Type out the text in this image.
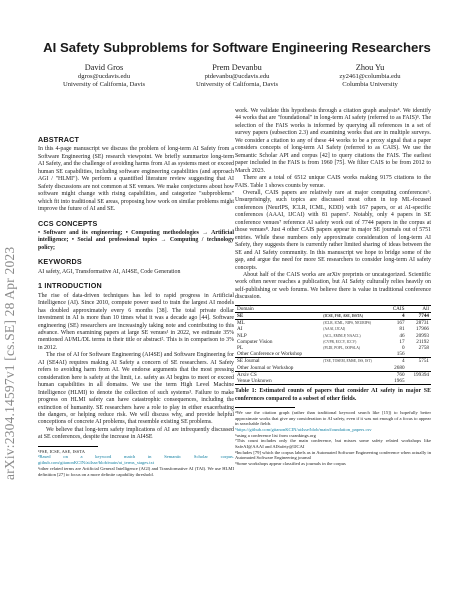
arXiv:2304.14597v1 [cs.SE] 28 Apr 2023
AI Safety Subproblems for Software Engineering Researchers
David Gros
dgros@ucdavis.edu
University of California, Davis
Prem Devanbu
ptdevanbu@ucdavis.edu
University of California, Davis
Zhou Yu
zy2461@columbia.edu
Columbia University
ABSTRACT

In this 4-page manuscript we discuss the problem of long-term AI Safety from a Software Engineering (SE) research viewpoint. We briefly summarize long-term AI Safety, and the challenge of avoiding harms from AI as systems meet or exceed human SE capabilities, including software engineering capabilities (and approach AGI / "HLMI"). We perform a quantified literature review suggesting that AI Safety discussions are not common at SE venues. We make conjectures about how software might change with rising capabilities, and categorize "subproblems" which fit into traditional SE areas, proposing how work on similar problems might improve the future of AI and SE.

CCS CONCEPTS

• Software and its engineering; • Computing methodologies → Artificial intelligence; • Social and professional topics → Computing / technology policy;

KEYWORDS

AI safety, AGI, Transformative AI, AI4SE, Code Generation

1 INTRODUCTION

The rise of data-driven techniques has led to rapid progress in Artificial Intelligence (AI). Since 2010, compute power used to train the largest AI models has doubled approximately every 6 months [38]. The total private dollar investment in AI is more than 10 times what it was a decade ago [44]. Software engineering (SE) researchers are increasingly taking note and contributing to this advance. When examining papers at large SE venues¹ in 2022, we estimate 35% mentioned AI/ML/DL terms in their title or abstract². This is in comparison to 3% in 2012.

The rise of AI for Software Engineering (AI4SE) and Software Engineering for AI (SE4AI) requires making AI Safety a concern of SE researchers. AI Safety refers to avoiding harm from AI. We endorse arguments that the most pressing consideration here is safety at the limit, i.e. safety as AI begins to meet or exceed human capabilities in all domains. We use the term High Level Machine Intelligence (HLMI) to denote the collection of such systems³. Failure to make progress on HLMI safety can have catastrophic consequences, including the extinction of humanity. SE researchers have a role to play in either exacerbating the dangers, or helping reduce risk. We will discuss why, and provide helpful conceptions of concrete AI problems, that resemble existing SE problems.

We believe that long-term safety implications of AI are infrequently discussed at SE conferences, despite the increase in AI4SE

¹FSE, ICSE, ASE, ISSTA

²Based on a keyword match in Semantic Scholar corpus. github.com/gitanonKCIN/ai4sse/blob/main/ai_terms_stages.txt

³other related terms are Artificial General Intelligence (AGI) and Transformative AI (TAI). We use HLMI definition [27] to focus on a more definite capability threshold.

work. We validate this hypothesis through a citation graph analysis⁴. We identify 44 works that are "foundational" in long-term AI safety (referred to as FAIS)⁵. The selection of the FAIS works is informed by querying all references in a set of survey papers (subsection 2.3) and examining works that are in multiple surveys. We consider a citation to any of these 44 works to be a proxy signal that a paper considers concepts of long-term AI Safety (referred to as CAIS). We use the Semantic Scholar API and corpus [42] to query citations the FAIS. The earliest paper included in the FAIS is from 1960 [75]. We filter CAIS to be from 2012 to March 2023.

There are a total of 6512 unique CAIS works making 9175 citations to the FAIS. Table 1 shows counts by venue.

Overall, CAIS papers are relatively rare at major computing conferences⁶. Unsurprisingly, such topics are discussed most often in top ML-focused conferences (NeurIPS, ICLR, ICML, KDD) with 167 papers, or at AI-specific conferences (AAAI, IJCAI) with 81 papers⁷. Notably, only 4 papers in SE conference venues⁷ reference AI safety work out of 7744 papers in the corpus at those venues⁸. Just 4 other CAIS papers appear in major SE journals out of 5751 entries. While these numbers only approximate consideration of long-term AI Safety, they suggests there is currently rather limited sharing of ideas between the SE and AI Safety community. In this manuscript we hope to bridge some of the gap, and argue the need for more SE researchers to consider long-term AI safety concepts.

About half of the CAIS works are arXiv preprints or uncategorized. Scientific work often never reaches a publication, but AI Safety culturally relies heavily on self-publishing or web forums. We believe there is value in traditional conference discussion.

Domain		CAIS	All
SE	(ICSE, FSE, ASE, ISSTA)	4	7744
ML	(ICLR, ICML, NIPS, NEURIPS)	167	28731
AI	(AAAI, IJCAI)	81	17966
NLP	(ACL, EMNLP, NAACL)	46	20993
Computer Vision	(CVPR, ECCV, ICCV)	17	21192
PL	(PLDI, POPL, OOPSLA)	0	2758
Other Conference or Workshop		156	
SE Journal	(TSE, TOSEM, EMSE, JSS, IST)	4	5751
Other Journal or Workshop		2680	
Arxiv CS		760	199394
Venue Unknown		1965	
Table 1: Estimated counts of papers that consider AI safety in major SE conferences compared to a subset of other fields.

⁴We use the citation graph (rather than traditional keyword search like [15]) to hopefully better approximate works that give any consideration to AI safety, even if it was not enough of a focus to appear in searchable fields

⁵https://github.com/gitanonKCIN/ai4sse/blob/main/foundation_papers.csv

⁶using a conference list from csrankings.org

⁷This count includes only the main conference, but misses some safety related workshops like SafeAI@AAAI and AISafety@IJCAI

⁸Includes [79] which the corpus labels as in Automated Software Engineering conference when actually in Automated Software Engineering journal

⁹Some workshops appear classified as journals in the corpus
